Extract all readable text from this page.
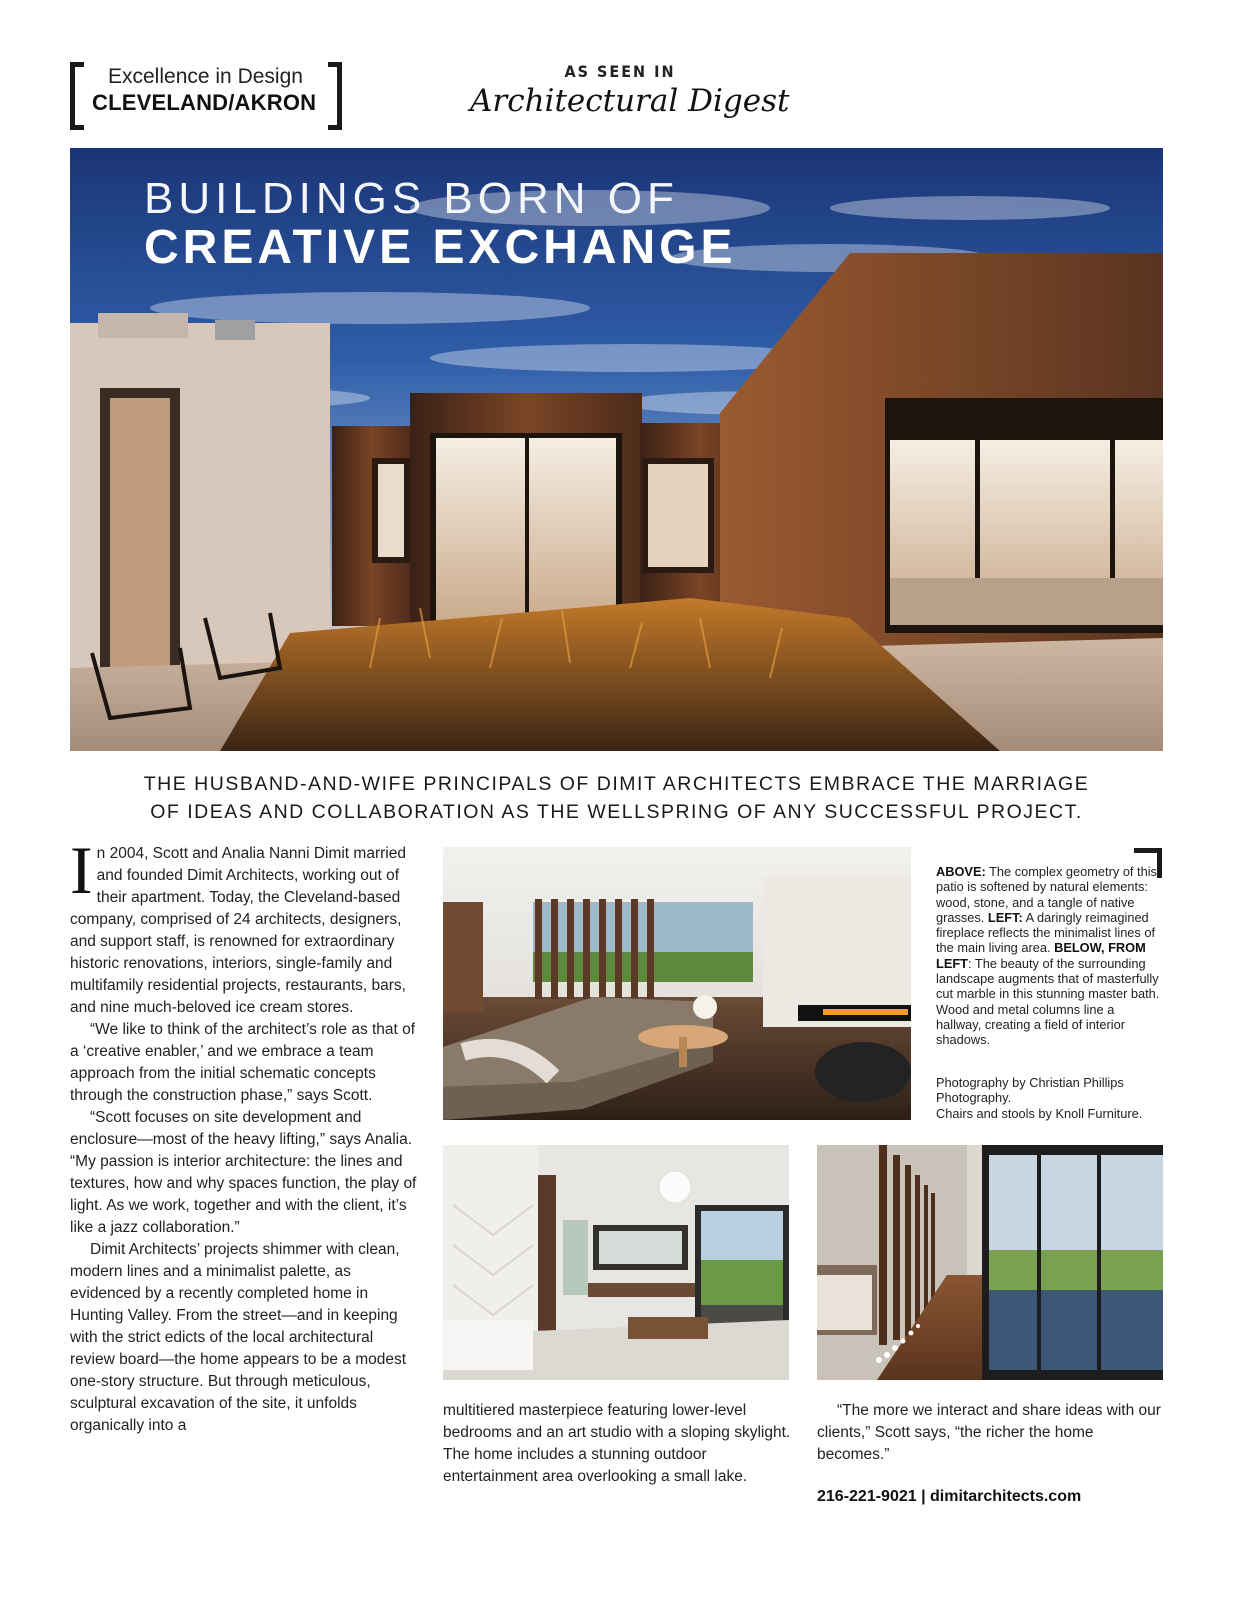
Excellence in Design
CLEVELAND/AKRON
AS SEEN IN
Architectural Digest
BUILDINGS BORN OF
CREATIVE EXCHANGE
THE HUSBAND-AND-WIFE PRINCIPALS OF DIMIT ARCHITECTS EMBRACE THE MARRIAGE
OF IDEAS AND COLLABORATION AS THE WELLSPRING OF ANY SUCCESSFUL PROJECT.

In 2004, Scott and Analia Nanni Dimit married and founded Dimit Architects, working out of their apartment. Today, the Cleveland-based company, comprised of 24 architects, designers, and support staff, is renowned for extraordinary historic renovations, interiors, single-family and multifamily residential projects, restaurants, bars, and nine much-beloved ice cream stores.

“We like to think of the architect’s role as that of a ‘creative enabler,’ and we embrace a team approach from the initial schematic concepts through the construction phase,” says Scott.

“Scott focuses on site development and enclosure—most of the heavy lifting,” says Analia. “My passion is interior architecture: the lines and textures, how and why spaces function, the play of light. As we work, together and with the client, it’s like a jazz collaboration.”

Dimit Architects’ projects shimmer with clean, modern lines and a minimalist palette, as evidenced by a recently completed home in Hunting Valley. From the street—and in keeping with the strict edicts of the local architectural review board—the home appears to be a modest one-story structure. But through meticulous, sculptural excavation of the site, it unfolds organically into a

ABOVE: The complex geometry of this patio is softened by natural elements: wood, stone, and a tangle of native grasses. LEFT: A daringly reimagined fireplace reflects the minimalist lines of the main living area. BELOW, FROM LEFT: The beauty of the surrounding landscape augments that of masterfully cut marble in this stunning master bath. Wood and metal columns line a hallway, creating a field of interior shadows.
Photography by Christian Phillips Photography.
Chairs and stools by Knoll Furniture.

multitiered masterpiece featuring lower-level bedrooms and an art studio with a sloping skylight. The home includes a stunning outdoor entertainment area overlooking a small lake.

“The more we interact and share ideas with our clients,” Scott says, “the richer the home becomes.”

216-221-9021 | dimitarchitects.com
